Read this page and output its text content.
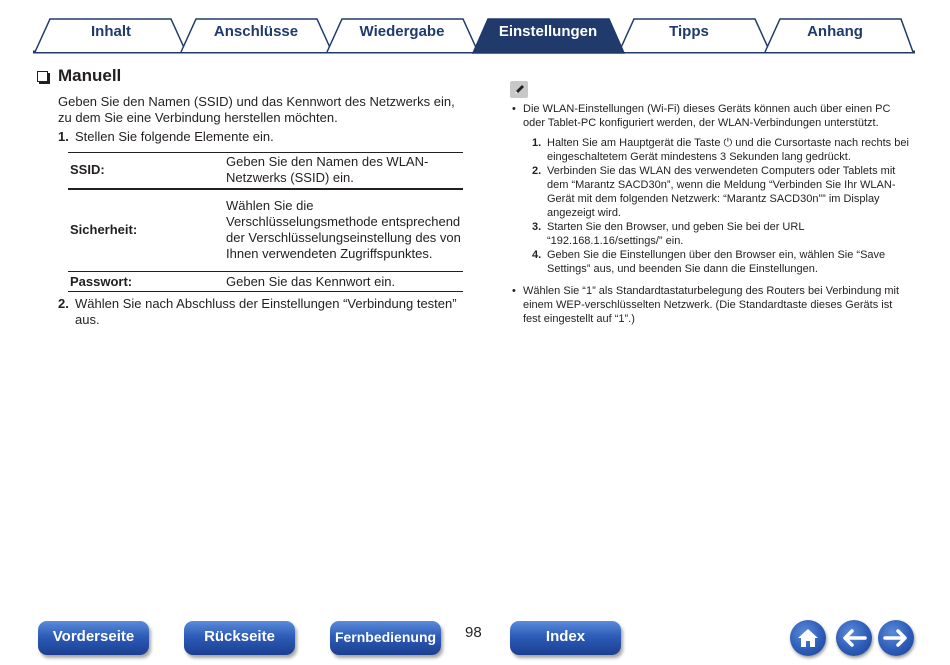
Inhalt	Anschlüsse	Wiedergabe	Einstellungen	Tipps	Anhang
Manuell
Geben Sie den Namen (SSID) und das Kennwort des Netzwerks ein, zu dem Sie eine Verbindung herstellen möchten.
1. Stellen Sie folgende Elemente ein.
SSID:	Geben Sie den Namen des WLAN-Netzwerks (SSID) ein.
Sicherheit:	Wählen Sie die Verschlüsselungsmethode entsprechend der Verschlüsselungseinstellung des von Ihnen verwendeten Zugriffspunktes.
Passwort:	Geben Sie das Kennwort ein.
2. Wählen Sie nach Abschluss der Einstellungen “Verbindung testen” aus.
• Die WLAN-Einstellungen (Wi-Fi) dieses Geräts können auch über einen PC oder Tablet-PC konfiguriert werden, der WLAN-Verbindungen unterstützt.
1. Halten Sie am Hauptgerät die Taste ⏻ und die Cursortaste nach rechts bei eingeschaltetem Gerät mindestens 3 Sekunden lang gedrückt.
2. Verbinden Sie das WLAN des verwendeten Computers oder Tablets mit dem “Marantz SACD30n”, wenn die Meldung “Verbinden Sie Ihr WLAN-Gerät mit dem folgenden Netzwerk: “Marantz SACD30n”” im Display angezeigt wird.
3. Starten Sie den Browser, und geben Sie bei der URL “192.168.1.16/settings/” ein.
4. Geben Sie die Einstellungen über den Browser ein, wählen Sie “Save Settings” aus, und beenden Sie dann die Einstellungen.
• Wählen Sie “1” als Standardtastaturbelegung des Routers bei Verbindung mit einem WEP-verschlüsselten Netzwerk. (Die Standardtaste dieses Geräts ist fest eingestellt auf “1”.)
Vorderseite	Rückseite	Fernbedienung	98	Index
